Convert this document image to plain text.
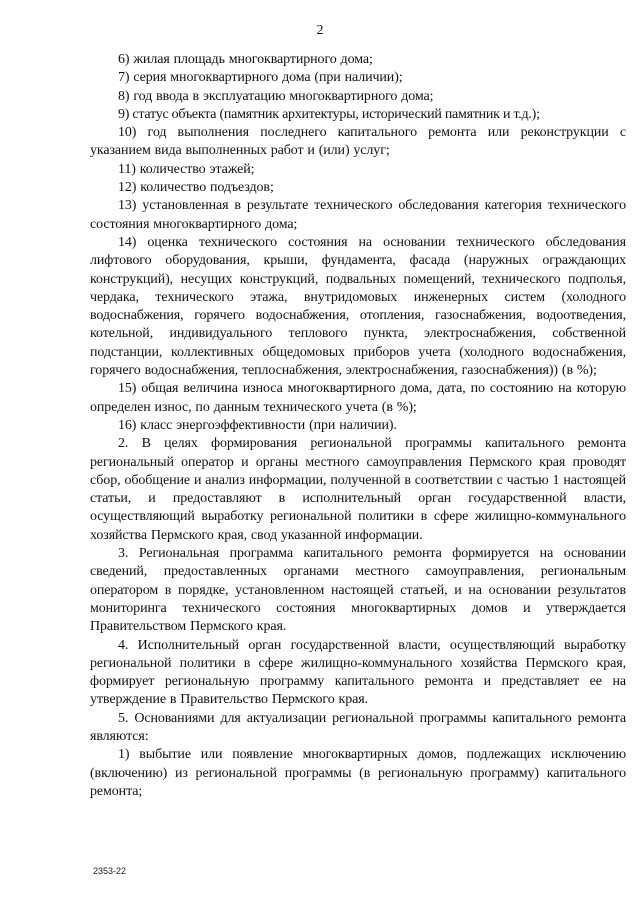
2

6) жилая площадь многоквартирного дома;

7) серия многоквартирного дома (при наличии);

8) год ввода в эксплуатацию многоквартирного дома;

9) статус объекта (памятник архитектуры, исторический памятник и т.д.);

10) год выполнения последнего капитального ремонта или реконструкции с указанием вида выполненных работ и (или) услуг;

11) количество этажей;

12) количество подъездов;

13) установленная в результате технического обследования категория технического состояния многоквартирного дома;

14) оценка технического состояния на основании технического обследования лифтового оборудования, крыши, фундамента, фасада (наружных ограждающих конструкций), несущих конструкций, подвальных помещений, технического подполья, чердака, технического этажа, внутридомовых инженерных систем (холодного водоснабжения, горячего водоснабжения, отопления, газоснабжения, водоотведения, котельной, индивидуального теплового пункта, электроснабжения, собственной подстанции, коллективных общедомовых приборов учета (холодного водоснабжения, горячего водоснабжения, теплоснабжения, электроснабжения, газоснабжения)) (в %);

15) общая величина износа многоквартирного дома, дата, по состоянию на которую определен износ, по данным технического учета (в %);

16) класс энергоэффективности (при наличии).

2. В целях формирования региональной программы капитального ремонта региональный оператор и органы местного самоуправления Пермского края проводят сбор, обобщение и анализ информации, полученной в соответствии с частью 1 настоящей статьи, и предоставляют в исполнительный орган государственной власти, осуществляющий выработку региональной политики в сфере жилищно-коммунального хозяйства Пермского края, свод указанной информации.

3. Региональная программа капитального ремонта формируется на основании сведений, предоставленных органами местного самоуправления, региональным оператором в порядке, установленном настоящей статьей, и на основании результатов мониторинга технического состояния многоквартирных домов и утверждается Правительством Пермского края.

4. Исполнительный орган государственной власти, осуществляющий выработку региональной политики в сфере жилищно-коммунального хозяйства Пермского края, формирует региональную программу капитального ремонта и представляет ее на утверждение в Правительство Пермского края.

5. Основаниями для актуализации региональной программы капитального ремонта являются:

1) выбытие или появление многоквартирных домов, подлежащих исключению (включению) из региональной программы (в региональную программу) капитального ремонта;

2353-22
